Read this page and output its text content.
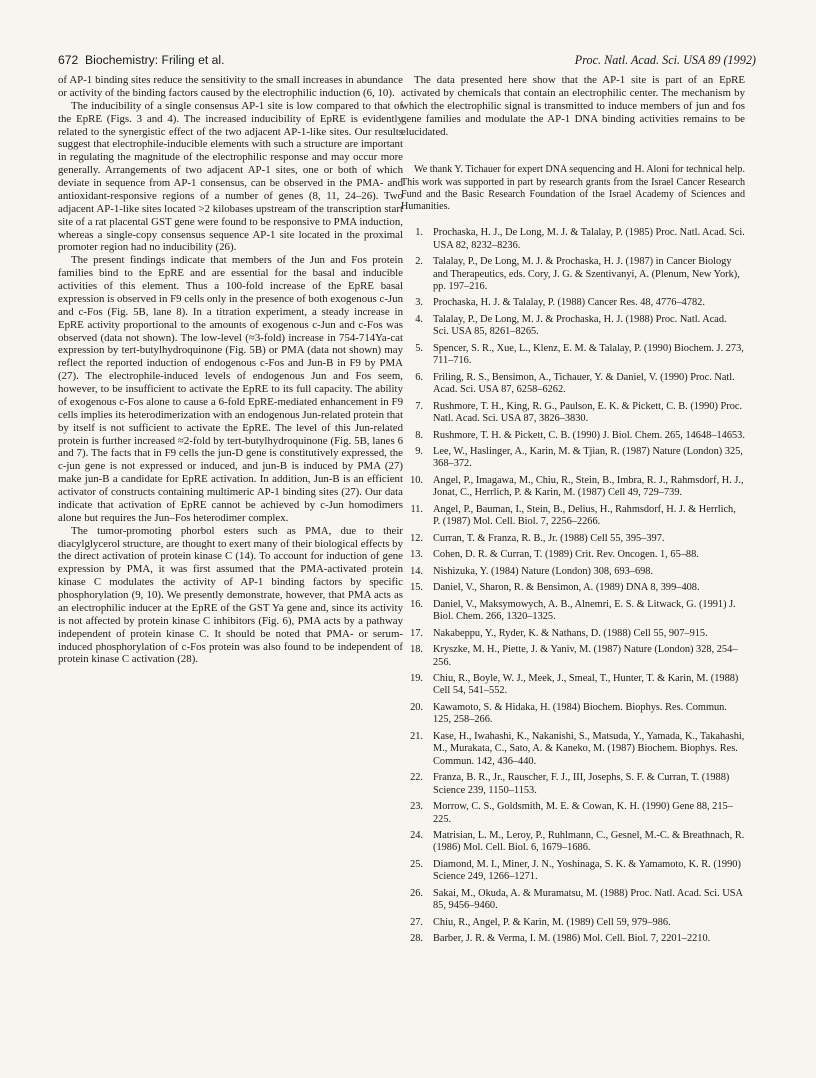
672 Biochemistry: Friling et al.	Proc. Natl. Acad. Sci. USA 89 (1992)

of AP-1 binding sites reduce the sensitivity to the small increases in abundance or activity of the binding factors caused by the electrophilic induction (6, 10).

The inducibility of a single consensus AP-1 site is low compared to that of the EpRE (Figs. 3 and 4). The increased inducibility of EpRE is evidently related to the synergistic effect of the two adjacent AP-1-like sites. Our results suggest that electrophile-inducible elements with such a structure are important in regulating the magnitude of the electrophilic response and may occur more generally. Arrangements of two adjacent AP-1 sites, one or both of which deviate in sequence from AP-1 consensus, can be observed in the PMA- and antioxidant-responsive regions of a number of genes (8, 11, 24–26). Two adjacent AP-1-like sites located >2 kilobases upstream of the transcription start site of a rat placental GST gene were found to be responsive to PMA induction, whereas a single-copy consensus sequence AP-1 site located in the proximal promoter region had no inducibility (26).

The present findings indicate that members of the Jun and Fos protein families bind to the EpRE and are essential for the basal and inducible activities of this element. Thus a 100-fold increase of the EpRE basal expression is observed in F9 cells only in the presence of both exogenous c-Jun and c-Fos (Fig. 5B, lane 8). In a titration experiment, a steady increase in EpRE activity proportional to the amounts of exogenous c-Jun and c-Fos was observed (data not shown). The low-level (≈3-fold) increase in 754-714Ya-cat expression by tert-butylhydroquinone (Fig. 5B) or PMA (data not shown) may reflect the reported induction of endogenous c-Fos and Jun-B in F9 by PMA (27). The electrophile-induced levels of endogenous Jun and Fos seem, however, to be insufficient to activate the EpRE to its full capacity. The ability of exogenous c-Fos alone to cause a 6-fold EpRE-mediated enhancement in F9 cells implies its heterodimerization with an endogenous Jun-related protein that by itself is not sufficient to activate the EpRE. The level of this Jun-related protein is further increased ≈2-fold by tert-butylhydroquinone (Fig. 5B, lanes 6 and 7). The facts that in F9 cells the jun-D gene is constitutively expressed, the c-jun gene is not expressed or induced, and jun-B is induced by PMA (27) make jun-B a candidate for EpRE activation. In addition, Jun-B is an efficient activator of constructs containing multimeric AP-1 binding sites (27). Our data indicate that activation of EpRE cannot be achieved by c-Jun homodimers alone but requires the Jun–Fos heterodimer complex.

The tumor-promoting phorbol esters such as PMA, due to their diacylglycerol structure, are thought to exert many of their biological effects by the direct activation of protein kinase C (14). To account for induction of gene expression by PMA, it was first assumed that the PMA-activated protein kinase C modulates the activity of AP-1 binding factors by specific phosphorylation (9, 10). We presently demonstrate, however, that PMA acts as an electrophilic inducer at the EpRE of the GST Ya gene and, since its activity is not affected by protein kinase C inhibitors (Fig. 6), PMA acts by a pathway independent of protein kinase C. It should be noted that PMA- or serum-induced phosphorylation of c-Fos protein was also found to be independent of protein kinase C activation (28).

The data presented here show that the AP-1 site is part of an EpRE activated by chemicals that contain an electrophilic center. The mechanism by which the electrophilic signal is transmitted to induce members of jun and fos gene families and modulate the AP-1 DNA binding activities remains to be elucidated.

We thank Y. Tichauer for expert DNA sequencing and H. Aloni for technical help. This work was supported in part by research grants from the Israel Cancer Research Fund and the Basic Research Foundation of the Israel Academy of Sciences and Humanities.

1. Prochaska, H. J., De Long, M. J. & Talalay, P. (1985) Proc. Natl. Acad. Sci. USA 82, 8232–8236.
2. Talalay, P., De Long, M. J. & Prochaska, H. J. (1987) in Cancer Biology and Therapeutics, eds. Cory, J. G. & Szentivanyi, A. (Plenum, New York), pp. 197–216.
3. Prochaska, H. J. & Talalay, P. (1988) Cancer Res. 48, 4776–4782.
4. Talalay, P., De Long, M. J. & Prochaska, H. J. (1988) Proc. Natl. Acad. Sci. USA 85, 8261–8265.
5. Spencer, S. R., Xue, L., Klenz, E. M. & Talalay, P. (1990) Biochem. J. 273, 711–716.
6. Friling, R. S., Bensimon, A., Tichauer, Y. & Daniel, V. (1990) Proc. Natl. Acad. Sci. USA 87, 6258–6262.
7. Rushmore, T. H., King, R. G., Paulson, E. K. & Pickett, C. B. (1990) Proc. Natl. Acad. Sci. USA 87, 3826–3830.
8. Rushmore, T. H. & Pickett, C. B. (1990) J. Biol. Chem. 265, 14648–14653.
9. Lee, W., Haslinger, A., Karin, M. & Tjian, R. (1987) Nature (London) 325, 368–372.
10. Angel, P., Imagawa, M., Chiu, R., Stein, B., Imbra, R. J., Rahmsdorf, H. J., Jonat, C., Herrlich, P. & Karin, M. (1987) Cell 49, 729–739.
11. Angel, P., Bauman, I., Stein, B., Delius, H., Rahmsdorf, H. J. & Herrlich, P. (1987) Mol. Cell. Biol. 7, 2256–2266.
12. Curran, T. & Franza, R. B., Jr. (1988) Cell 55, 395–397.
13. Cohen, D. R. & Curran, T. (1989) Crit. Rev. Oncogen. 1, 65–88.
14. Nishizuka, Y. (1984) Nature (London) 308, 693–698.
15. Daniel, V., Sharon, R. & Bensimon, A. (1989) DNA 8, 399–408.
16. Daniel, V., Maksymowych, A. B., Alnemri, E. S. & Litwack, G. (1991) J. Biol. Chem. 266, 1320–1325.
17. Nakabeppu, Y., Ryder, K. & Nathans, D. (1988) Cell 55, 907–915.
18. Kryszke, M. H., Piette, J. & Yaniv, M. (1987) Nature (London) 328, 254–256.
19. Chiu, R., Boyle, W. J., Meek, J., Smeal, T., Hunter, T. & Karin, M. (1988) Cell 54, 541–552.
20. Kawamoto, S. & Hidaka, H. (1984) Biochem. Biophys. Res. Commun. 125, 258–266.
21. Kase, H., Iwahashi, K., Nakanishi, S., Matsuda, Y., Yamada, K., Takahashi, M., Murakata, C., Sato, A. & Kaneko, M. (1987) Biochem. Biophys. Res. Commun. 142, 436–440.
22. Franza, B. R., Jr., Rauscher, F. J., III, Josephs, S. F. & Curran, T. (1988) Science 239, 1150–1153.
23. Morrow, C. S., Goldsmith, M. E. & Cowan, K. H. (1990) Gene 88, 215–225.
24. Matrisian, L. M., Leroy, P., Ruhlmann, C., Gesnel, M.-C. & Breathnach, R. (1986) Mol. Cell. Biol. 6, 1679–1686.
25. Diamond, M. I., Miner, J. N., Yoshinaga, S. K. & Yamamoto, K. R. (1990) Science 249, 1266–1271.
26. Sakai, M., Okuda, A. & Muramatsu, M. (1988) Proc. Natl. Acad. Sci. USA 85, 9456–9460.
27. Chiu, R., Angel, P. & Karin, M. (1989) Cell 59, 979–986.
28. Barber, J. R. & Verma, I. M. (1986) Mol. Cell. Biol. 7, 2201–2210.
